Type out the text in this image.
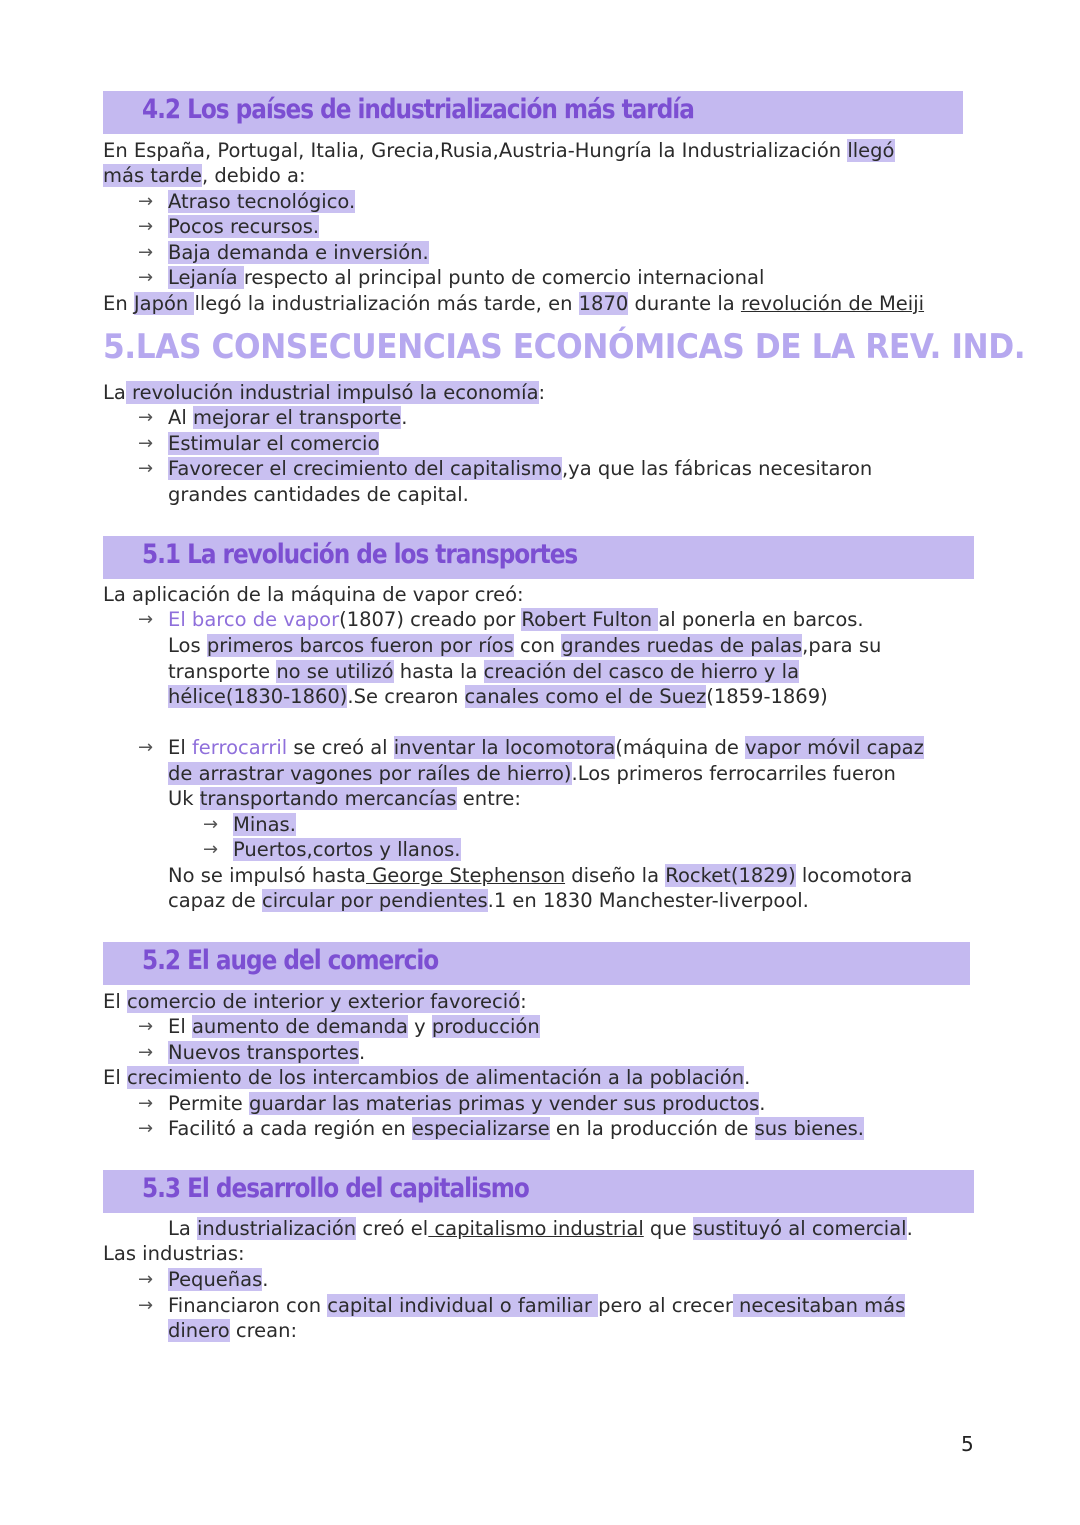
4.2 Los países de industrialización más tardía
En España, Portugal, Italia, Grecia,Rusia,Austria-Hungría la Industrialización llegó
más tarde, debido a:
→ Atraso tecnológico.
→ Pocos recursos.
→ Baja demanda e inversión.
→ Lejanía respecto al principal punto de comercio internacional
En Japón llegó la industrialización más tarde, en 1870 durante la revolución de Meiji
5.LAS CONSECUENCIAS ECONÓMICAS DE LA REV. IND.
La revolución industrial impulsó la economía:
→ Al mejorar el transporte.
→ Estimular el comercio
→ Favorecer el crecimiento del capitalismo,ya que las fábricas necesitaron
grandes cantidades de capital.
5.1 La revolución de los transportes
La aplicación de la máquina de vapor creó:
→ El barco de vapor(1807) creado por Robert Fulton al ponerla en barcos.
Los primeros barcos fueron por ríos con grandes ruedas de palas,para su
transporte no se utilizó hasta la creación del casco de hierro y la
hélice(1830-1860).Se crearon canales como el de Suez(1859-1869)
→ El ferrocarril se creó al inventar la locomotora(máquina de vapor móvil capaz
de arrastrar vagones por raíles de hierro).Los primeros ferrocarriles fueron
Uk transportando mercancías entre:
→ Minas.
→ Puertos,cortos y llanos.
No se impulsó hasta George Stephenson diseño la Rocket(1829) locomotora
capaz de circular por pendientes.1 en 1830 Manchester-liverpool.
5.2 El auge del comercio
El comercio de interior y exterior favoreció:
→ El aumento de demanda y producción
→ Nuevos transportes.
El crecimiento de los intercambios de alimentación a la población.
→ Permite guardar las materias primas y vender sus productos.
→ Facilitó a cada región en especializarse en la producción de sus bienes.
5.3 El desarrollo del capitalismo
La industrialización creó el capitalismo industrial que sustituyó al comercial.
Las industrias:
→ Pequeñas.
→ Financiaron con capital individual o familiar pero al crecer necesitaban más
dinero crean:
5
